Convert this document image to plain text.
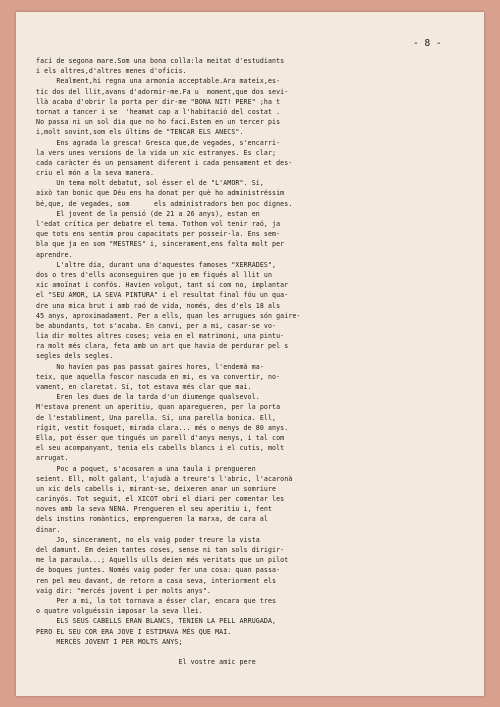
- 8 -
faci de segona mare.Som una bona colla:la meitat d'estudiants
i els altres,d'altres menes d'oficis.
Realment,hi regna una armonia acceptable.Ara mateix,es-
tic dos del llit,avans d'adormir-me.Fa u  moment,que dos sevi-
llà acaba d'obrir la porta per dir-me "BONA NIT! PERE" ;ha t
tornat a tancer i se  'heamat cap a l'habitació del costat .
No passa ni un sol dia que no ho faci.Estem en un tercer pis
i,molt sovint,som els últims de "TENCAR ELS ANECS".
Ens agrada la gresca! Gresca que,de vegades, s'encarri-
la vers unes versions de la vida un xic estranyes. Es clar;
cada caràcter és un pensament diferent i cada pensament et des-
criu el món a la seva manera.
Un tema molt debatut, sol ésser el de "L'AMOR". Sí,
això tan bonic que Déu ens ha donat per què ho administréssim
bé,que, de vegades, som      els administradors ben poc dignes.
El jovent de la pensió (de 21 a 26 anys), estan en
l'edat crítica per debatre el tema. Tothom vol tenir raó, ja
que tots ens sentim prou capacitats per posseir-la. Ens sem-
bla que ja en som "MESTRES" i, sincerament,ens falta molt per
aprendre.
L'altre dia, durant una d'aquestes famoses "XERRADES",
dos o tres d'ells aconseguiren que jo em fiqués al llit un
xic amoïnat i confós. Havien volgut, tant sí com no, implantar
el "SEU AMOR, LA SEVA PINTURA" i el resultat final fóu un qua-
dre una mica brut i amb raó de vida, només, des d'els 18 als
45 anys, aproximadament. Per a ells, quan les arrugues són gaire-
be abundants, tot s'acaba. En canvi, per a mi, casar-se vo-
lia dir moltes altres coses; veia en el matrimoni, una pintu-
ra molt més clara, feta amb un art que havia de perdurar pel s
segles dels segles.
No havien pas pas passat gaires hores, l'endemà ma-
teix, que aquella foscor nascuda en mi, es va convertir, no-
vament, en claretat. Sí, tot estava més clar que mai.
Eren les dues de la tarda d'un diumenge qualsevol.
M'estava prenent un aperitiu, quan aparegueren, per la porta
de l'establiment, Una parella. Sí, una parella bonica. Ell,
rígit, vestit fosquet, mirada clara... més o menys de 80 anys.
Ella, pot ésser que tingués un parell d'anys menys, i tal com
el seu acompanyant, tenia els cabells blancs i el cutis, molt
arrugat.
Poc a poquet, s'acosaren a una taula i prengueren
seient. Ell, molt galant, l'ajudà a treure's l'abric, l'acaronà
un xic dels cabells i, mirant-se, deixeren anar un somriure
carinyós. Tot seguit, el XICOT obrí el diari per comentar les
noves amb la seva NENA. Prengueren el seu aperitiu i, fent
dels instins romàntics, emprengueren la marxa, de cara al
dinar.
Jo, sincerament, no els vaig poder treure la vista
del damunt. Em deien tantes coses, sense ni tan sols dirigir-
me la paraula...; Aquells ulls deien més veritats que un pilot
de boques juntes. Només vaig poder fer una cosa: quan passa-
ren pel meu davant, de retorn a casa seva, interiorment els
vaig dir: "mercés jovent i per molts anys".
Per a mi, la tot tornava a ésser clar, encara que tres
o quatre volguéssin imposar la seva llei.
ELS SEUS CABELLS ERAN BLANCS, TENIEN LA PELL ARRUGADA,
PERO EL SEU COR ERA JOVE I ESTIMAVA MÉS QUE MAI.
MERCÉS JOVENT I PER MOLTS ANYS;
El vostre amic pere
